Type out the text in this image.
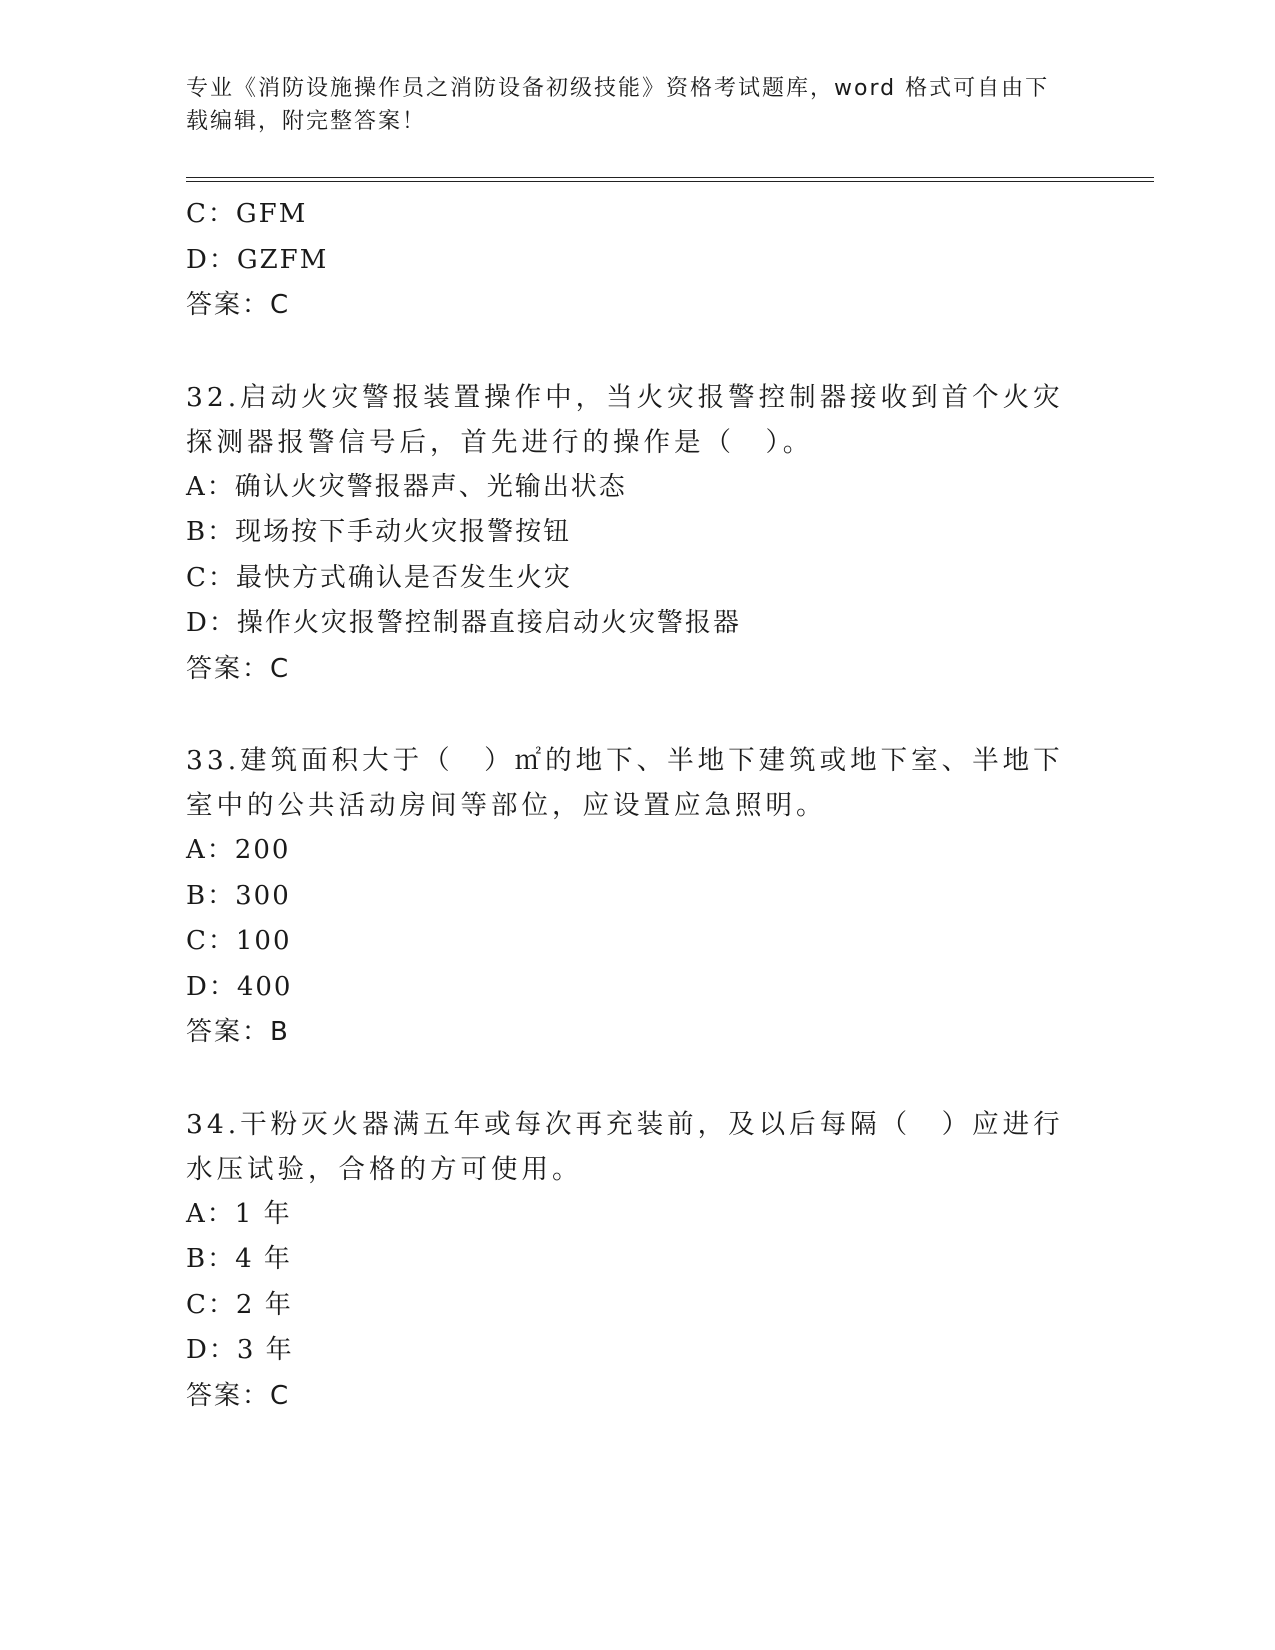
专业《消防设施操作员之消防设备初级技能》资格考试题库，word 格式可自由下载编辑，附完整答案！
C：GFM
D：GZFM
答案：C
32.启动火灾警报装置操作中，当火灾报警控制器接收到首个火灾探测器报警信号后，首先进行的操作是（　）。
A：确认火灾警报器声、光输出状态
B：现场按下手动火灾报警按钮
C：最快方式确认是否发生火灾
D：操作火灾报警控制器直接启动火灾警报器
答案：C
33.建筑面积大于（　）㎡的地下、半地下建筑或地下室、半地下室中的公共活动房间等部位，应设置应急照明。
A：200
B：300
C：100
D：400
答案：B
34.干粉灭火器满五年或每次再充装前，及以后每隔（　）应进行水压试验，合格的方可使用。
A：1 年
B：4 年
C：2 年
D：3 年
答案：C
